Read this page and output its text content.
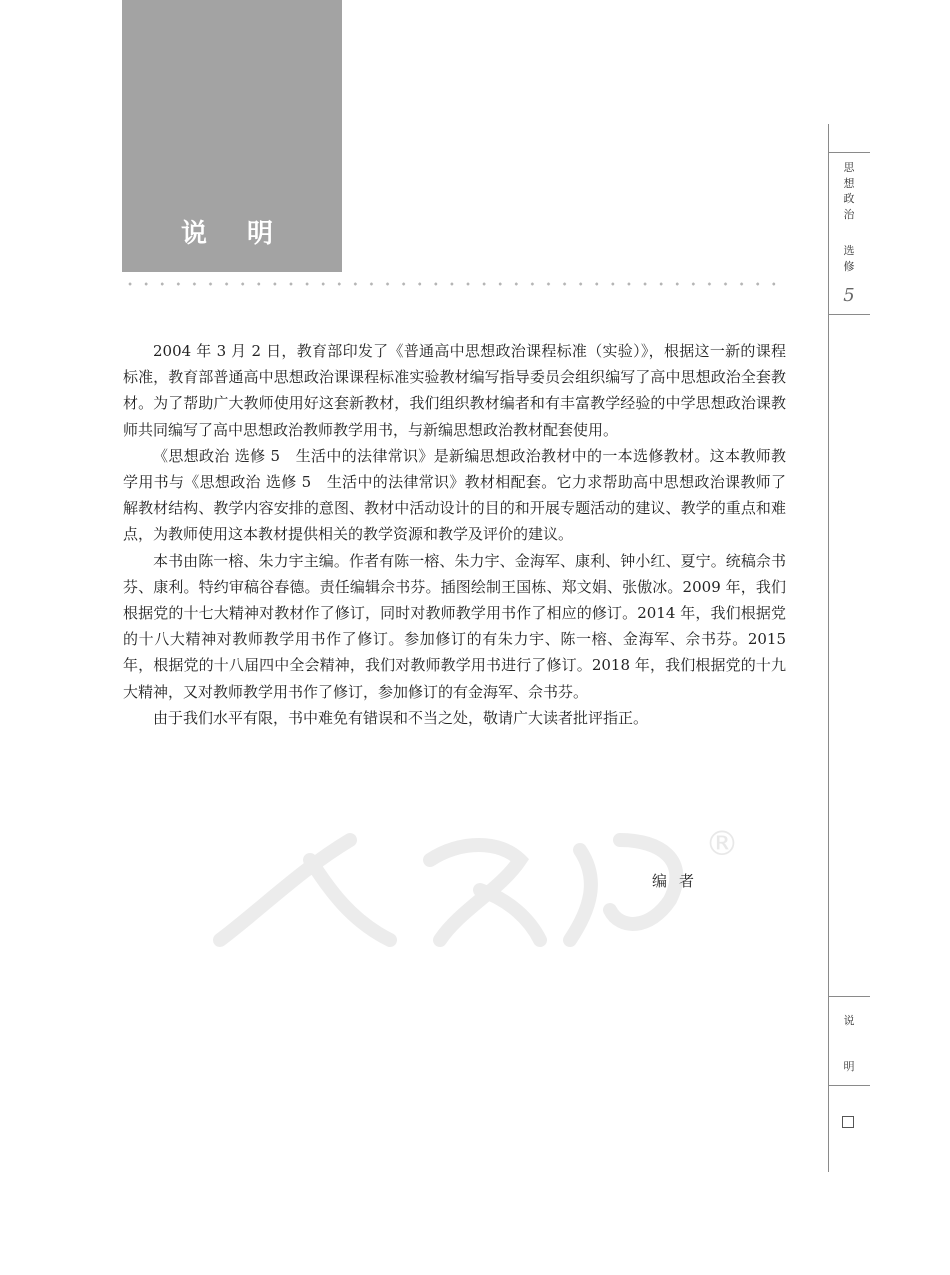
说明
®

2004 年 3 月 2 日，教育部印发了《普通高中思想政治课程标准（实验）》，根据这一新的课程标准，教育部普通高中思想政治课课程标准实验教材编写指导委员会组织编写了高中思想政治全套教材。为了帮助广大教师使用好这套新教材，我们组织教材编者和有丰富教学经验的中学思想政治课教师共同编写了高中思想政治教师教学用书，与新编思想政治教材配套使用。

《思想政治 选修 5　生活中的法律常识》是新编思想政治教材中的一本选修教材。这本教师教学用书与《思想政治 选修 5　生活中的法律常识》教材相配套。它力求帮助高中思想政治课教师了解教材结构、教学内容安排的意图、教材中活动设计的目的和开展专题活动的建议、教学的重点和难点，为教师使用这本教材提供相关的教学资源和教学及评价的建议。

本书由陈一榕、朱力宇主编。作者有陈一榕、朱力宇、金海军、康利、钟小红、夏宁。统稿佘书芬、康利。特约审稿谷春德。责任编辑佘书芬。插图绘制王国栋、郑文娟、张傲冰。2009 年，我们根据党的十七大精神对教材作了修订，同时对教师教学用书作了相应的修订。2014 年，我们根据党的十八大精神对教师教学用书作了修订。参加修订的有朱力宇、陈一榕、金海军、佘书芬。2015 年，根据党的十八届四中全会精神，我们对教师教学用书进行了修订。2018 年，我们根据党的十九大精神，又对教师教学用书作了修订，参加修订的有金海军、佘书芬。

由于我们水平有限，书中难免有错误和不当之处，敬请广大读者批评指正。

编者
思
想
政
治
选
修
5
说
明
